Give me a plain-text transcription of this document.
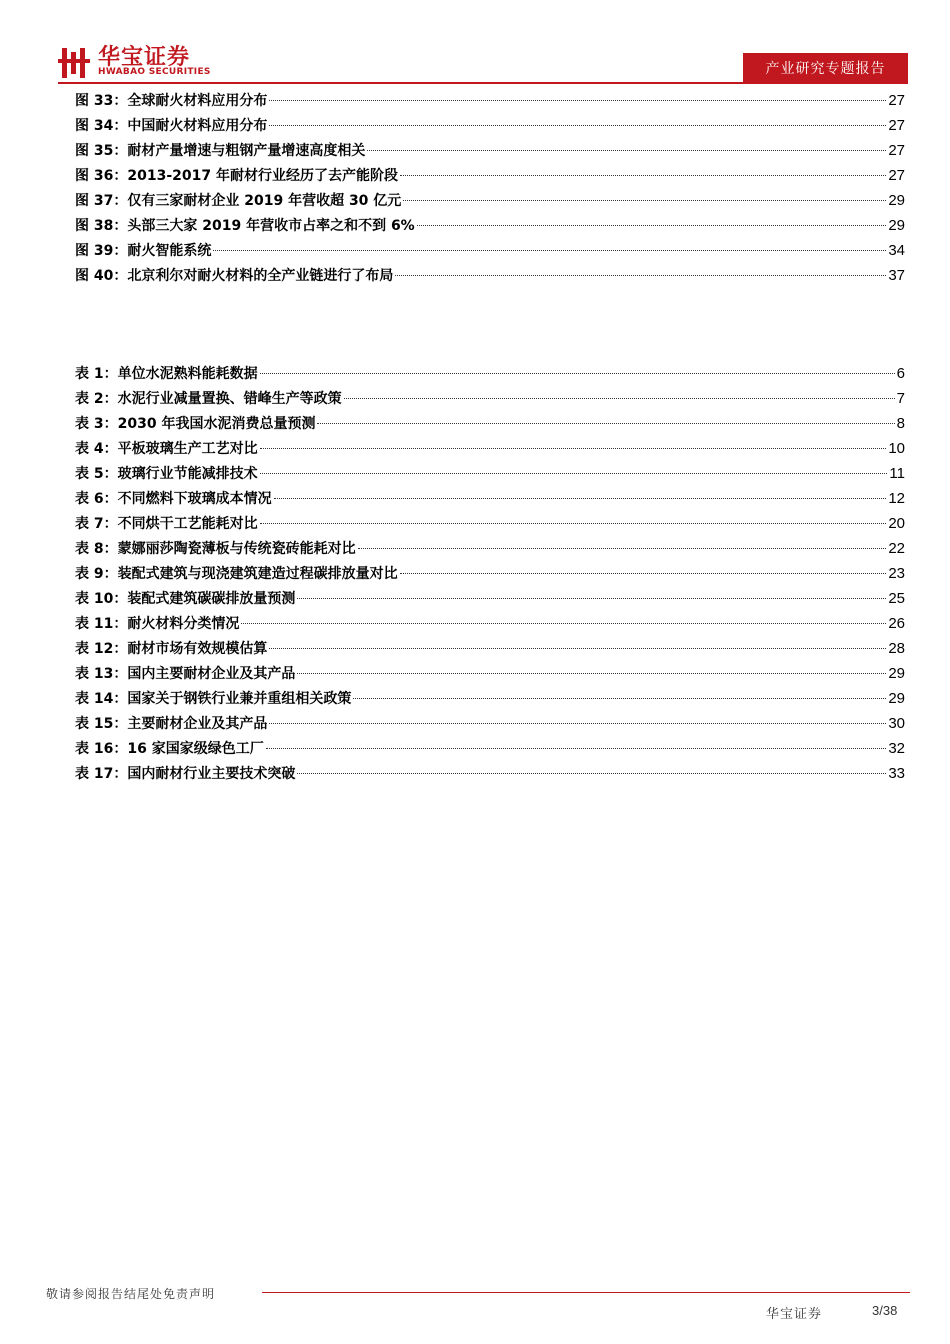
华宝证券
HWABAO SECURITIES	产业研究专题报告
图 33：全球耐火材料应用分布	27
图 34：中国耐火材料应用分布	27
图 35：耐材产量增速与粗钢产量增速高度相关	27
图 36：2013-2017 年耐材行业经历了去产能阶段	27
图 37：仅有三家耐材企业 2019 年营收超 30 亿元	29
图 38：头部三大家 2019 年营收市占率之和不到 6%	29
图 39：耐火智能系统	34
图 40：北京利尔对耐火材料的全产业链进行了布局	37
表 1：单位水泥熟料能耗数据	6
表 2：水泥行业减量置换、错峰生产等政策	7
表 3：2030 年我国水泥消费总量预测	8
表 4：平板玻璃生产工艺对比	10
表 5：玻璃行业节能减排技术	11
表 6：不同燃料下玻璃成本情况	12
表 7：不同烘干工艺能耗对比	20
表 8：蒙娜丽莎陶瓷薄板与传统瓷砖能耗对比	22
表 9：装配式建筑与现浇建筑建造过程碳排放量对比	23
表 10：装配式建筑碳碳排放量预测	25
表 11：耐火材料分类情况	26
表 12：耐材市场有效规模估算	28
表 13：国内主要耐材企业及其产品	29
表 14：国家关于钢铁行业兼并重组相关政策	29
表 15：主要耐材企业及其产品	30
表 16：16 家国家级绿色工厂	32
表 17：国内耐材行业主要技术突破	33
敬请参阅报告结尾处免责声明
华宝证券	3/38
